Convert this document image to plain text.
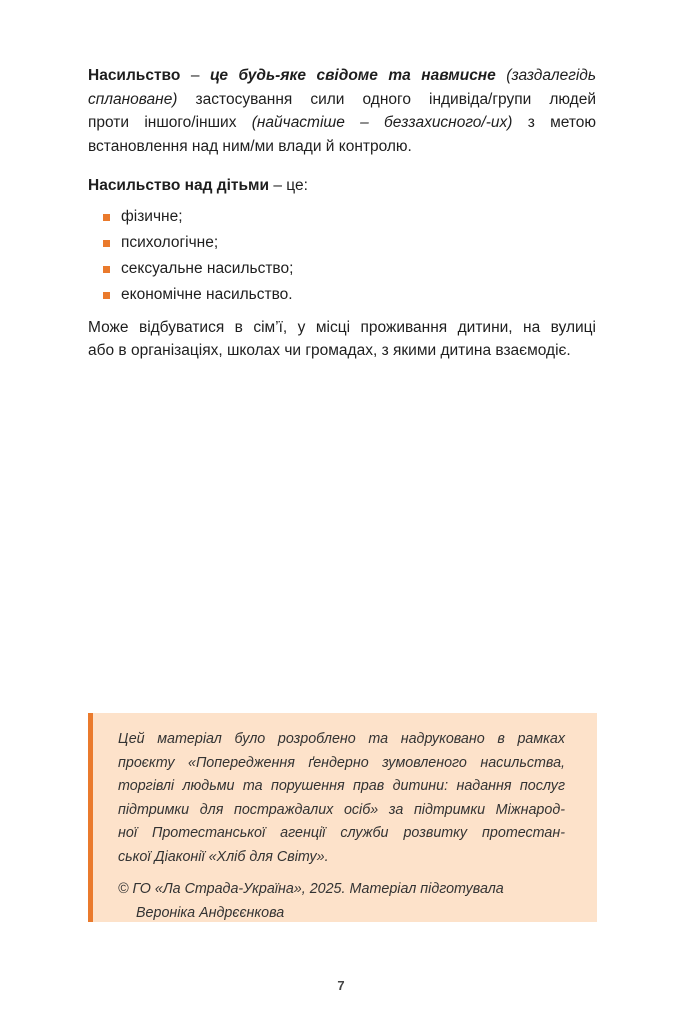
Насильство – це будь-яке свідоме та навмисне (заздалегідь
сплановане) застосування сили одного індивіда/групи людей
проти іншого/інших (найчастіше – беззахисного/-их) з метою
встановлення над ним/ми влади й контролю.

Насильство над дітьми – це:

фізичне;
психологічне;
сексуальне насильство;
економічне насильство.

Може відбуватися в сім’ї, у місці проживання дитини, на вулиці
або в організаціях, школах чи громадах, з якими дитина взаємодіє.

Цей матеріал було розроблено та надруковано в рамках
проєкту «Попередження ґендерно зумовленого насильства,
торгівлі людьми та порушення прав дитини: надання послуг
підтримки для постраждалих осіб» за підтримки Міжнарод-
ної Протестанської агенції служби розвитку протестан-
ської Діаконії «Хліб для Світу».
© ГО «Ла Страда-Україна», 2025. Матеріал підготувала
Вероніка Андрєєнкова
7
